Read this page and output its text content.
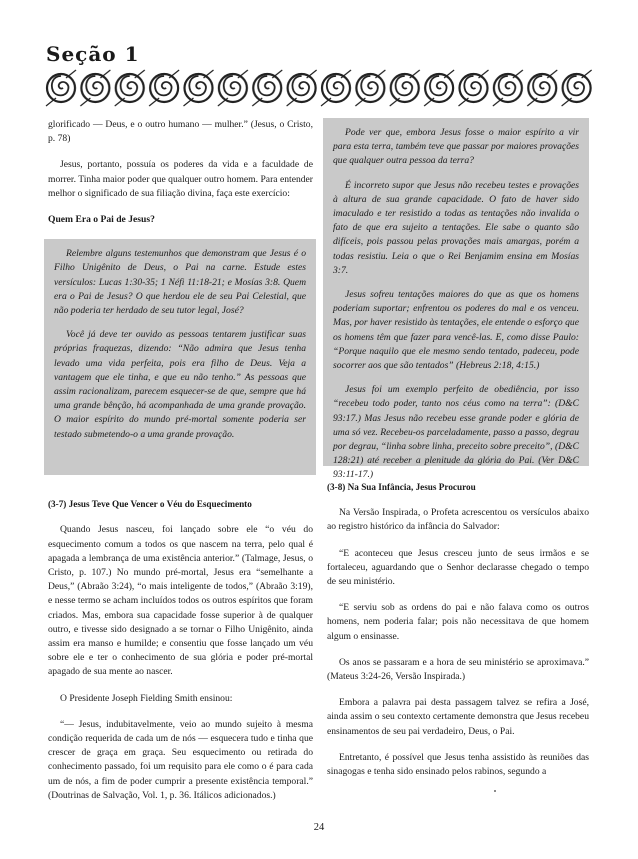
Seção 1

glorificado — Deus, e o outro humano — mulher.” (Jesus, o Cristo, p. 78)

Jesus, portanto, possuía os poderes da vida e a faculdade de morrer. Tinha maior poder que qualquer outro homem. Para entender melhor o significado de sua filiação divina, faça este exercício:

Quem Era o Pai de Jesus?

Relembre alguns testemunhos que demonstram que Jesus é o Filho Unigênito de Deus, o Pai na carne. Estude estes versículos: Lucas 1:30-35; 1 Néfi 11:18-21; e Mosías 3:8. Quem era o Pai de Jesus? O que herdou ele de seu Pai Celestial, que não poderia ter herdado de seu tutor legal, José?

Você já deve ter ouvido as pessoas tentarem justificar suas próprias fraquezas, dizendo: “Não admira que Jesus tenha levado uma vida perfeita, pois era filho de Deus. Veja a vantagem que ele tinha, e que eu não tenho.” As pessoas que assim racionalizam, parecem esquecer-se de que, sempre que há uma grande bênção, há acompanhada de uma grande provação. O maior espírito do mundo pré-mortal somente poderia ser testado submetendo-o a uma grande provação.

(3-7) Jesus Teve Que Vencer o Véu do Esquecimento

Quando Jesus nasceu, foi lançado sobre ele “o véu do esquecimento comum a todos os que nascem na terra, pelo qual é apagada a lembrança de uma existência anterior.” (Talmage, Jesus, o Cristo, p. 107.) No mundo pré-mortal, Jesus era “semelhante a Deus,” (Abraão 3:24), “o mais inteligente de todos,” (Abraão 3:19), e nesse termo se acham incluídos todos os outros espíritos que foram criados. Mas, embora sua capacidade fosse superior à de qualquer outro, e tivesse sido designado a se tornar o Filho Unigênito, ainda assim era manso e humilde; e consentiu que fosse lançado um véu sobre ele e ter o conhecimento de sua glória e poder pré-mortal apagado de sua mente ao nascer.

O Presidente Joseph Fielding Smith ensinou:

“— Jesus, indubitavelmente, veio ao mundo sujeito à mesma condição requerida de cada um de nós — esquecera tudo e tinha que crescer de graça em graça. Seu esquecimento ou retirada do conhecimento passado, foi um requisito para ele como o é para cada um de nós, a fim de poder cumprir a presente existência temporal.” (Doutrinas de Salvação, Vol. 1, p. 36. Itálicos adicionados.)

Pode ver que, embora Jesus fosse o maior espírito a vir para esta terra, também teve que passar por maiores provações que qualquer outra pessoa da terra?

É incorreto supor que Jesus não recebeu testes e provações à altura de sua grande capacidade. O fato de haver sido imaculado e ter resistido a todas as tentações não invalida o fato de que era sujeito a tentações. Ele sabe o quanto são difíceis, pois passou pelas provações mais amargas, porém a todas resistiu. Leia o que o Rei Benjamim ensina em Mosías 3:7.

Jesus sofreu tentações maiores do que as que os homens poderiam suportar; enfrentou os poderes do mal e os venceu. Mas, por haver resistido às tentações, ele entende o esforço que os homens têm que fazer para vencê-las. E, como disse Paulo: “Porque naquilo que ele mesmo sendo tentado, padeceu, pode socorrer aos que são tentados” (Hebreus 2:18, 4:15.)

Jesus foi um exemplo perfeito de obediência, por isso “recebeu todo poder, tanto nos céus como na terra”: (D&C 93:17.) Mas Jesus não recebeu esse grande poder e glória de uma só vez. Recebeu-os parceladamente, passo a passo, degrau por degrau, “linha sobre linha, preceito sobre preceito”, (D&C 128:21) até receber a plenitude da glória do Pai. (Ver D&C 93:11-17.)

(3-8) Na Sua Infância, Jesus Procurou

Na Versão Inspirada, o Profeta acrescentou os versículos abaixo ao registro histórico da infância do Salvador:

“E aconteceu que Jesus cresceu junto de seus irmãos e se fortaleceu, aguardando que o Senhor declarasse chegado o tempo de seu ministério.

“E serviu sob as ordens do pai e não falava como os outros homens, nem poderia falar; pois não necessitava de que homem algum o ensinasse.

Os anos se passaram e a hora de seu ministério se aproximava.” (Mateus 3:24-26, Versão Inspirada.)

Embora a palavra pai desta passagem talvez se refira a José, ainda assim o seu contexto certamente demonstra que Jesus recebeu ensinamentos de seu pai verdadeiro, Deus, o Pai.

Entretanto, é possível que Jesus tenha assistido às reuniões das sinagogas e tenha sido ensinado pelos rabinos, segundo a

24
